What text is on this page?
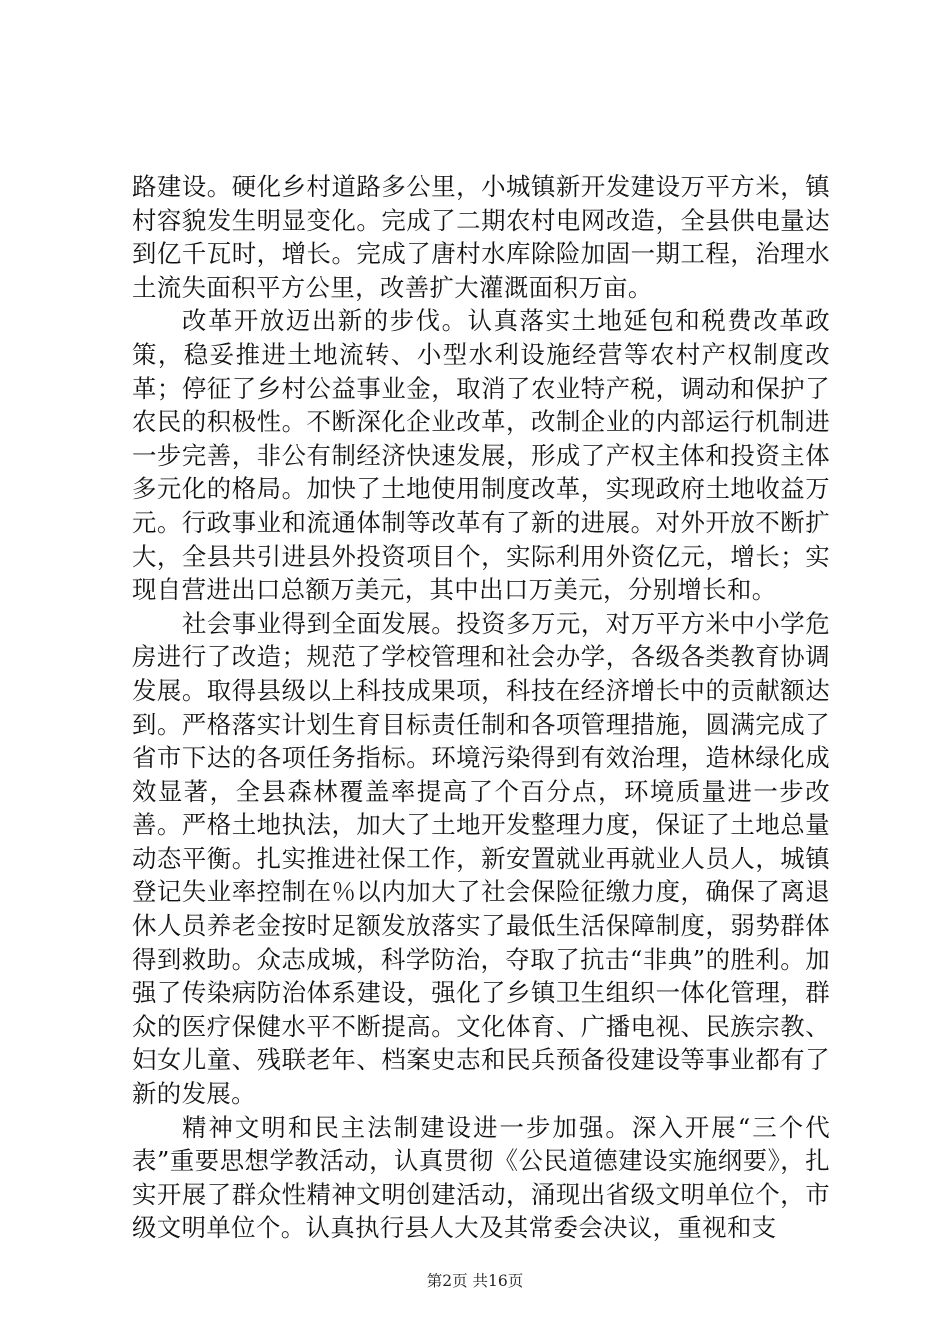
路建设。硬化乡村道路多公里，小城镇新开发建设万平方米，镇村容貌发生明显变化。完成了二期农村电网改造，全县供电量达到亿千瓦时，增长。完成了唐村水库除险加固一期工程，治理水土流失面积平方公里，改善扩大灌溉面积万亩。

改革开放迈出新的步伐。认真落实土地延包和税费改革政策，稳妥推进土地流转、小型水利设施经营等农村产权制度改革；停征了乡村公益事业金，取消了农业特产税，调动和保护了农民的积极性。不断深化企业改革，改制企业的内部运行机制进一步完善，非公有制经济快速发展，形成了产权主体和投资主体多元化的格局。加快了土地使用制度改革，实现政府土地收益万元。行政事业和流通体制等改革有了新的进展。对外开放不断扩大，全县共引进县外投资项目个，实际利用外资亿元，增长；实现自营进出口总额万美元，其中出口万美元，分别增长和。

社会事业得到全面发展。投资多万元，对万平方米中小学危房进行了改造；规范了学校管理和社会办学，各级各类教育协调发展。取得县级以上科技成果项，科技在经济增长中的贡献额达到。严格落实计划生育目标责任制和各项管理措施，圆满完成了省市下达的各项任务指标。环境污染得到有效治理，造林绿化成效显著，全县森林覆盖率提高了个百分点，环境质量进一步改善。严格土地执法，加大了土地开发整理力度，保证了土地总量动态平衡。扎实推进社保工作，新安置就业再就业人员人，城镇登记失业率控制在％以内加大了社会保险征缴力度，确保了离退休人员养老金按时足额发放落实了最低生活保障制度，弱势群体得到救助。众志成城，科学防治，夺取了抗击“非典”的胜利。加强了传染病防治体系建设，强化了乡镇卫生组织一体化管理，群众的医疗保健水平不断提高。文化体育、广播电视、民族宗教、妇女儿童、残联老年、档案史志和民兵预备役建设等事业都有了新的发展。

精神文明和民主法制建设进一步加强。深入开展“三个代表”重要思想学教活动，认真贯彻《公民道德建设实施纲要》，扎实开展了群众性精神文明创建活动，涌现出省级文明单位个，市级文明单位个。认真执行县人大及其常委会决议，重视和支

第2页 共16页
